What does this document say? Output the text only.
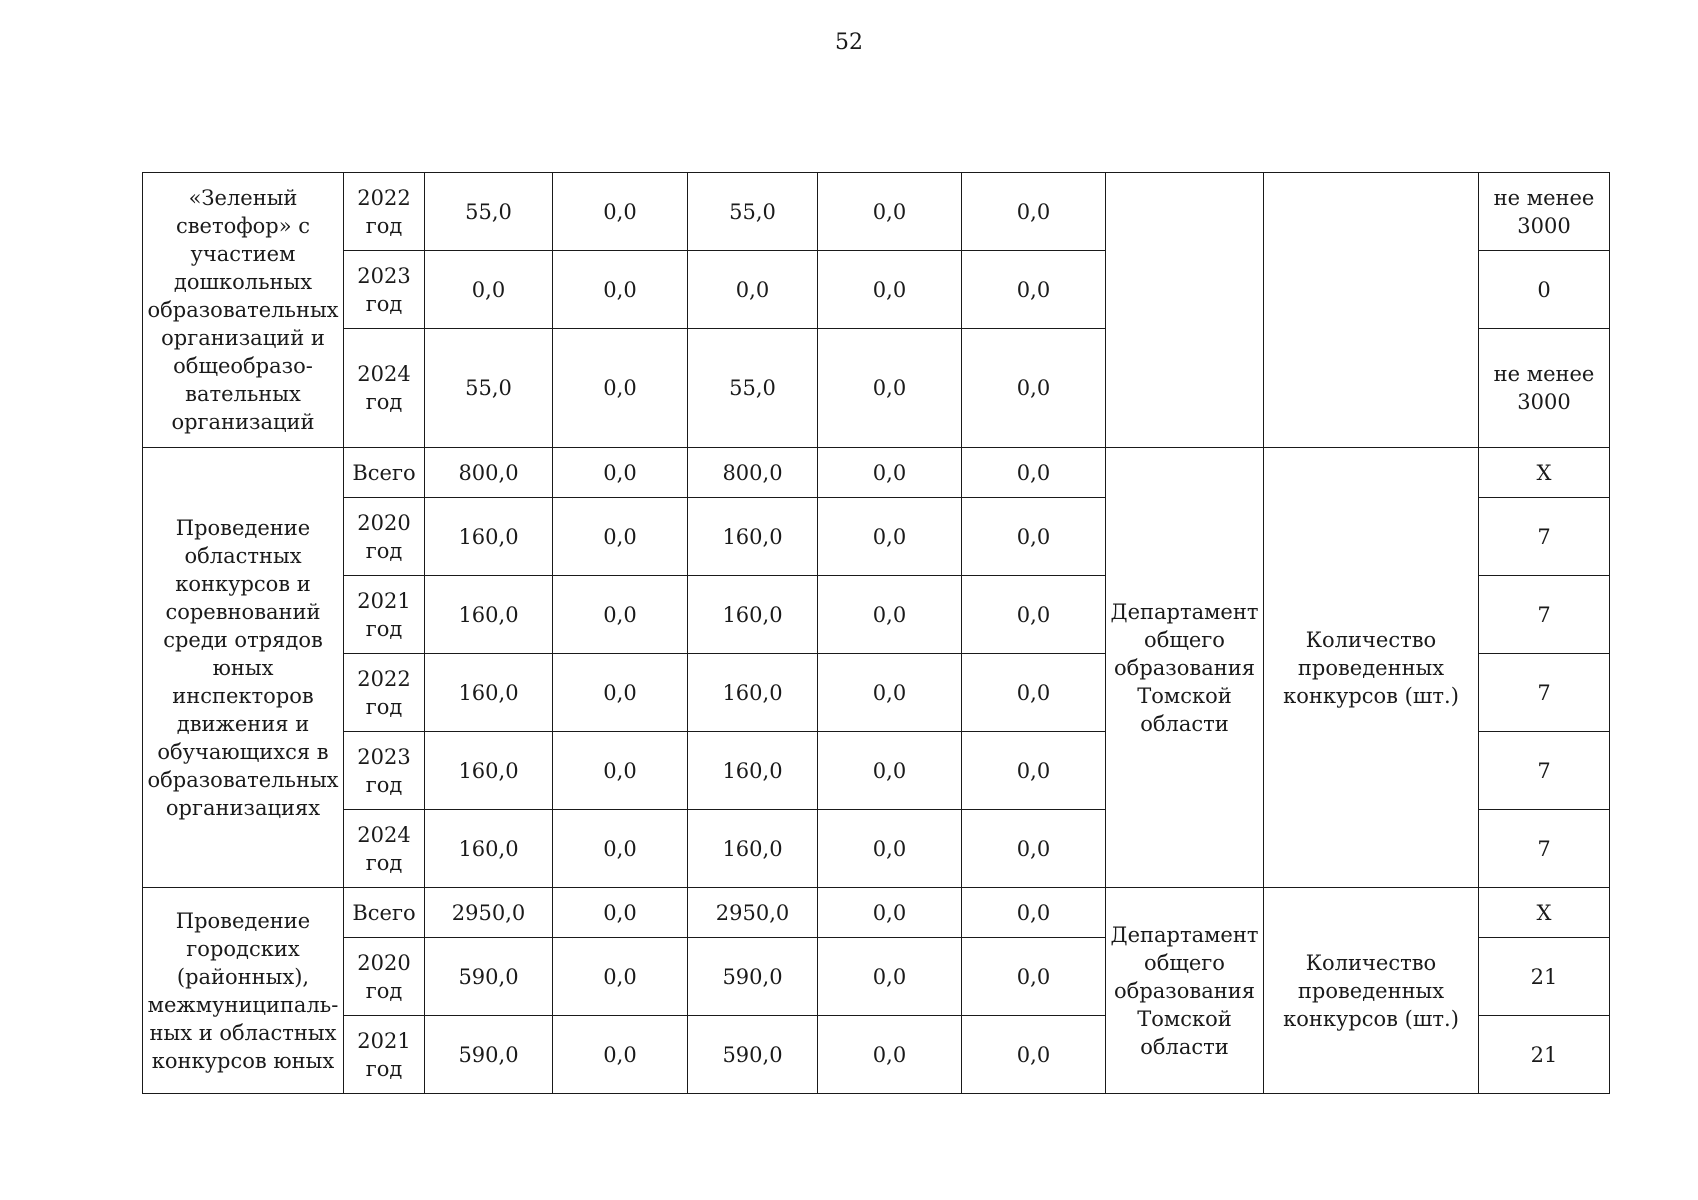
52
«Зеленый светофор» с участием дошкольных образовательных организаций и общеобразо-вательных организаций	2022 год	55,0	0,0	55,0	0,0	0,0			не менее 3000
	2023 год	0,0	0,0	0,0	0,0	0,0			0
	2024 год	55,0	0,0	55,0	0,0	0,0			не менее 3000
Проведение областных конкурсов и соревнований среди отрядов юных инспекторов движения и обучающихся в образовательных организациях	Всего	800,0	0,0	800,0	0,0	0,0	Департамент общего образования Томской области	Количество проведенных конкурсов (шт.)	X
	2020 год	160,0	0,0	160,0	0,0	0,0			7
	2021 год	160,0	0,0	160,0	0,0	0,0			7
	2022 год	160,0	0,0	160,0	0,0	0,0			7
	2023 год	160,0	0,0	160,0	0,0	0,0			7
	2024 год	160,0	0,0	160,0	0,0	0,0			7
Проведение городских (районных), межмуниципаль-ных и областных конкурсов юных	Всего	2950,0	0,0	2950,0	0,0	0,0	Департамент общего образования Томской области	Количество проведенных конкурсов (шт.)	X
	2020 год	590,0	0,0	590,0	0,0	0,0			21
	2021 год	590,0	0,0	590,0	0,0	0,0			21
